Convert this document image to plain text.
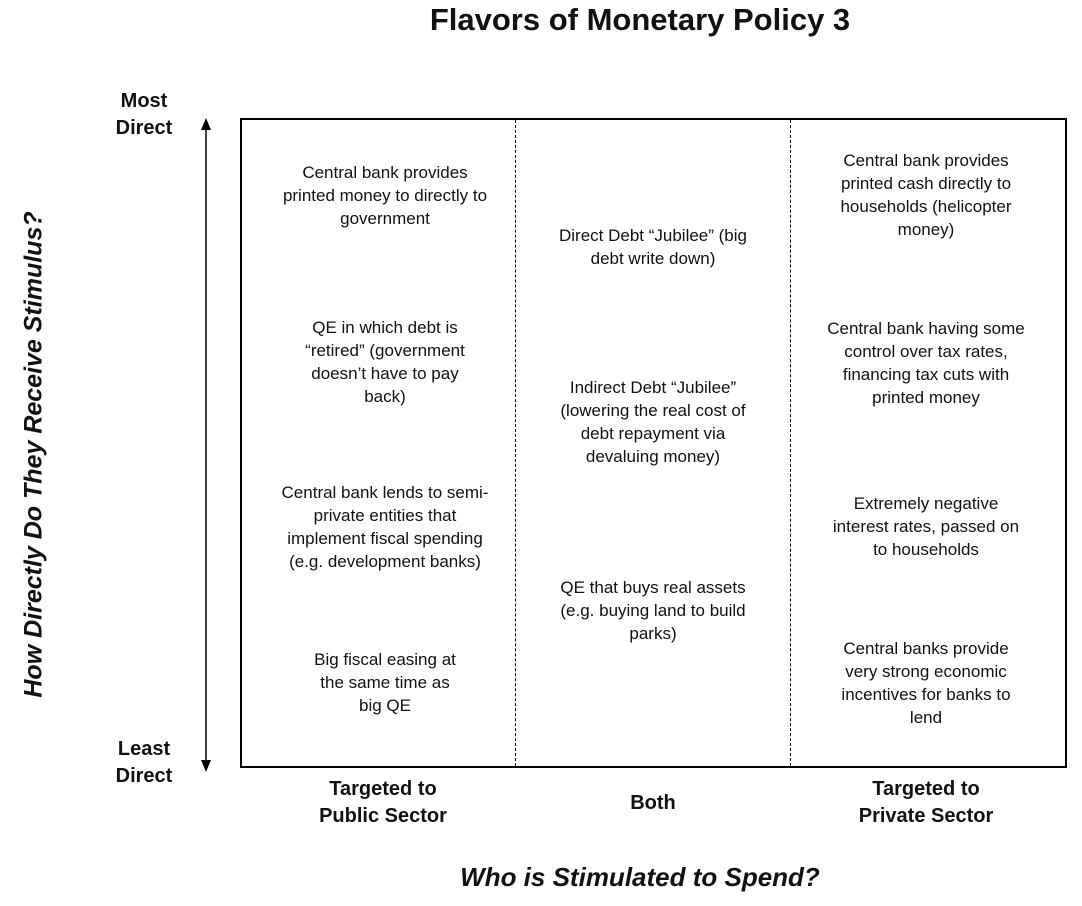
Flavors of Monetary Policy 3
How Directly Do They Receive Stimulus?
Most
Direct
Least
Direct
Central bank provides printed money to directly to government
QE in which debt is “retired” (government doesn’t have to pay back)
Central bank lends to semi-private entities that implement fiscal spending (e.g. development banks)
Big fiscal easing at the same time as big QE
Direct Debt “Jubilee” (big debt write down)
Indirect Debt “Jubilee” (lowering the real cost of debt repayment via devaluing money)
QE that buys real assets (e.g. buying land to build parks)
Central bank provides printed cash directly to households (helicopter money)
Central bank having some control over tax rates, financing tax cuts with printed money
Extremely negative interest rates, passed on to households
Central banks provide very strong economic incentives for banks to lend
Targeted to
Public Sector
Both
Targeted to
Private Sector
Who is Stimulated to Spend?
